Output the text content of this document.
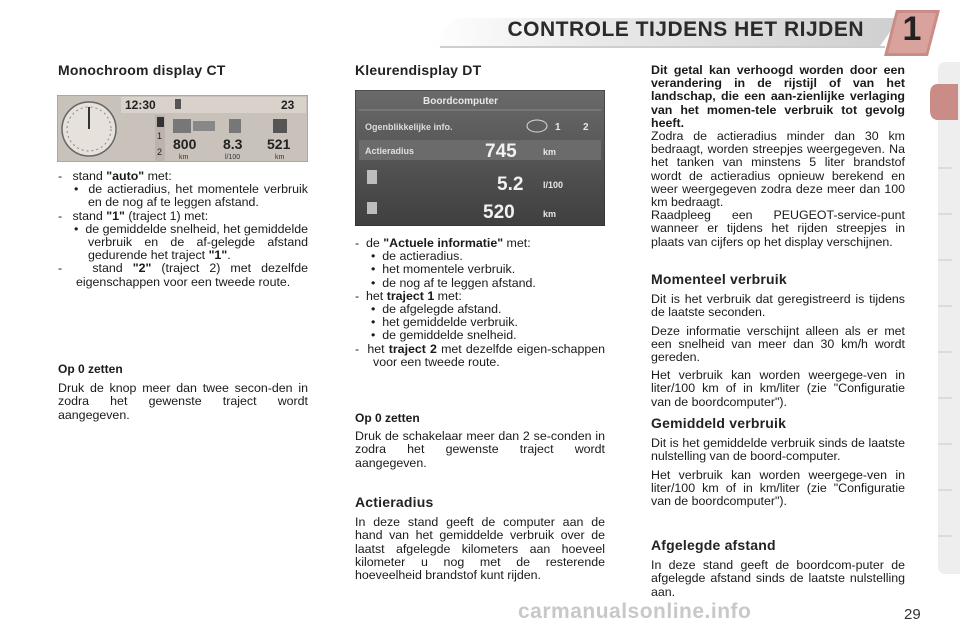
CONTROLE TIJDENS HET RIJDEN 1
Monochroom display CT
12:30	23
1
2 800 8.3 521
km	l/100	km

-   stand "auto" met:

•  de actieradius, het momentele verbruik en de nog af te leggen afstand.

-   stand "1" (traject 1) met:

•  de gemiddelde snelheid, het gemiddelde verbruik en de af-gelegde afstand gedurende het traject "1".

-   stand "2" (traject 2) met dezelfde eigenschappen voor een tweede route.

Op 0 zetten

Druk de knop meer dan twee secon-den in zodra het gewenste traject wordt aangegeven.

Kleurendisplay DT
Boordcomputer
Ogenblikkelijke info.	1 2
Actieradius	745	km
5.2 l/100
520	km

-  de "Actuele informatie" met:

•  de actieradius.

•  het momentele verbruik.

•  de nog af te leggen afstand.

-  het traject 1 met:

•  de afgelegde afstand.

•  het gemiddelde verbruik.

•  de gemiddelde snelheid.

-  het traject 2 met dezelfde eigen-schappen voor een tweede route.

Op 0 zetten

Druk de schakelaar meer dan 2 se-conden in zodra het gewenste traject wordt aangegeven.

Actieradius

In deze stand geeft de computer aan de hand van het gemiddelde verbruik over de laatst afgelegde kilometers aan hoeveel kilometer u nog met de resterende hoeveelheid brandstof kunt rijden.

Dit getal kan verhoogd worden door een verandering in de rijstijl of van het landschap, die een aan-zienlijke verlaging van het momen-tele verbruik tot gevolg heeft.

Zodra de actieradius minder dan 30 km bedraagt, worden streepjes weergegeven. Na het tanken van minstens 5 liter brandstof wordt de actieradius opnieuw berekend en weer weergegeven zodra deze meer dan 100 km bedraagt.

Raadpleeg een PEUGEOT-service-punt wanneer er tijdens het rijden streepjes in plaats van cijfers op het display verschijnen.

Momenteel verbruik

Dit is het verbruik dat geregistreerd is tijdens de laatste seconden.

Deze informatie verschijnt alleen als er met een snelheid van meer dan 30 km/h wordt gereden.

Het verbruik kan worden weergege-ven in liter/100 km of in km/liter (zie "Configuratie van de boordcomputer").

Gemiddeld verbruik

Dit is het gemiddelde verbruik sinds de laatste nulstelling van de boord-computer.

Het verbruik kan worden weergege-ven in liter/100 km of in km/liter (zie "Configuratie van de boordcomputer").

Afgelegde afstand

In deze stand geeft de boordcom-puter de afgelegde afstand sinds de laatste nulstelling aan.

carmanualsonline.info	29
